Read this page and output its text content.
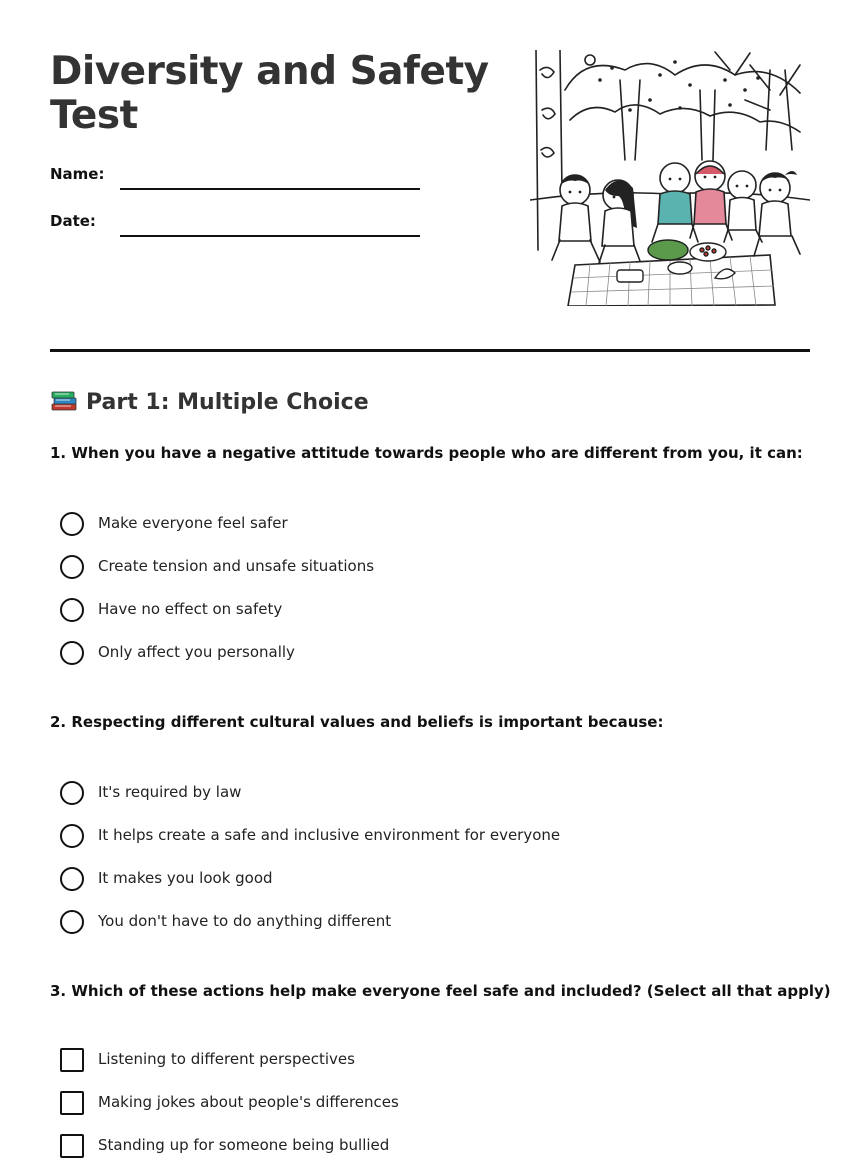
Diversity and Safety Test
Name:
Date:
Part 1: Multiple Choice

1. When you have a negative attitude towards people who are different from you, it can:

Make everyone feel safer
Create tension and unsafe situations
Have no effect on safety
Only affect you personally

2. Respecting different cultural values and beliefs is important because:

It's required by law
It helps create a safe and inclusive environment for everyone
It makes you look good
You don't have to do anything different

3. Which of these actions help make everyone feel safe and included? (Select all that apply)

Listening to different perspectives
Making jokes about people's differences
Standing up for someone being bullied
